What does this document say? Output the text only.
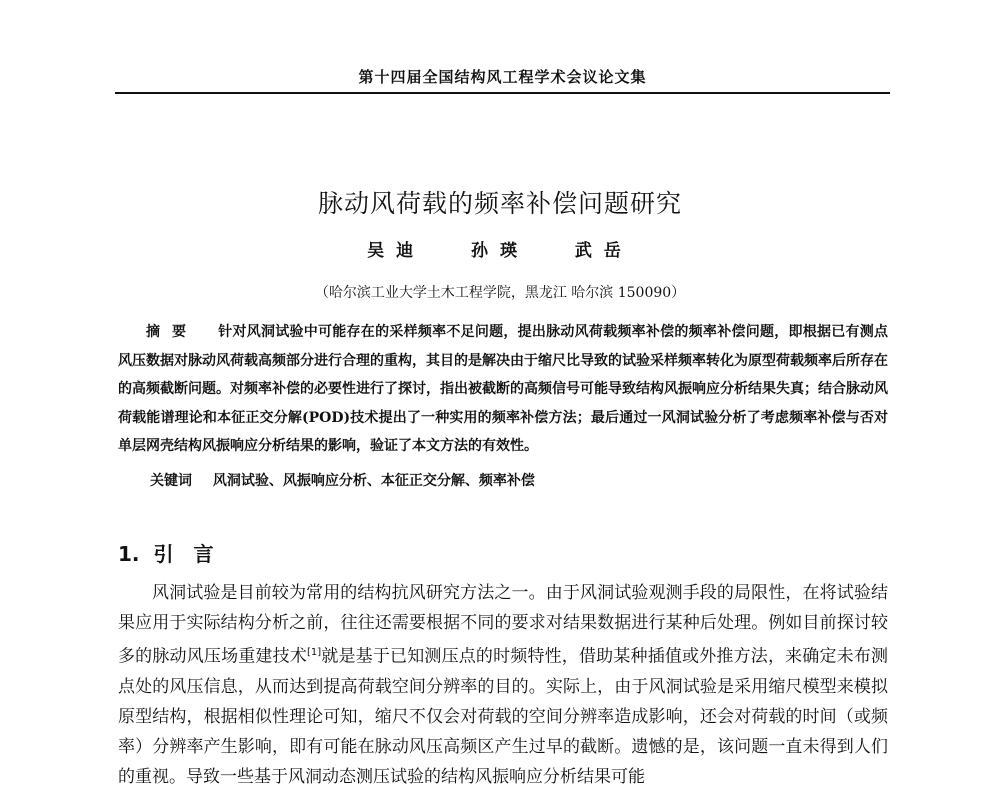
第十四届全国结构风工程学术会议论文集
脉动风荷载的频率补偿问题研究
吴迪	孙瑛	武岳
（哈尔滨工业大学土木工程学院，黑龙江 哈尔滨 150090）
摘要 针对风洞试验中可能存在的采样频率不足问题，提出脉动风荷载频率补偿的频率补偿问题，即根据已有测点风压数据对脉动风荷载高频部分进行合理的重构，其目的是解决由于缩尺比导致的试验采样频率转化为原型荷载频率后所存在的高频截断问题。对频率补偿的必要性进行了探讨，指出被截断的高频信号可能导致结构风振响应分析结果失真；结合脉动风荷载能谱理论和本征正交分解(POD)技术提出了一种实用的频率补偿方法；最后通过一风洞试验分析了考虑频率补偿与否对单层网壳结构风振响应分析结果的影响，验证了本文方法的有效性。
关键词 风洞试验、风振响应分析、本征正交分解、频率补偿
1. 引言
风洞试验是目前较为常用的结构抗风研究方法之一。由于风洞试验观测手段的局限性，在将试验结果应用于实际结构分析之前，往往还需要根据不同的要求对结果数据进行某种后处理。例如目前探讨较多的脉动风压场重建技术[1]就是基于已知测压点的时频特性，借助某种插值或外推方法，来确定未布测点处的风压信息，从而达到提高荷载空间分辨率的目的。实际上，由于风洞试验是采用缩尺模型来模拟原型结构，根据相似性理论可知，缩尺不仅会对荷载的空间分辨率造成影响，还会对荷载的时间（或频率）分辨率产生影响，即有可能在脉动风压高频区产生过早的截断。遗憾的是，该问题一直未得到人们的重视。导致一些基于风洞动态测压试验的结构风振响应分析结果可能
